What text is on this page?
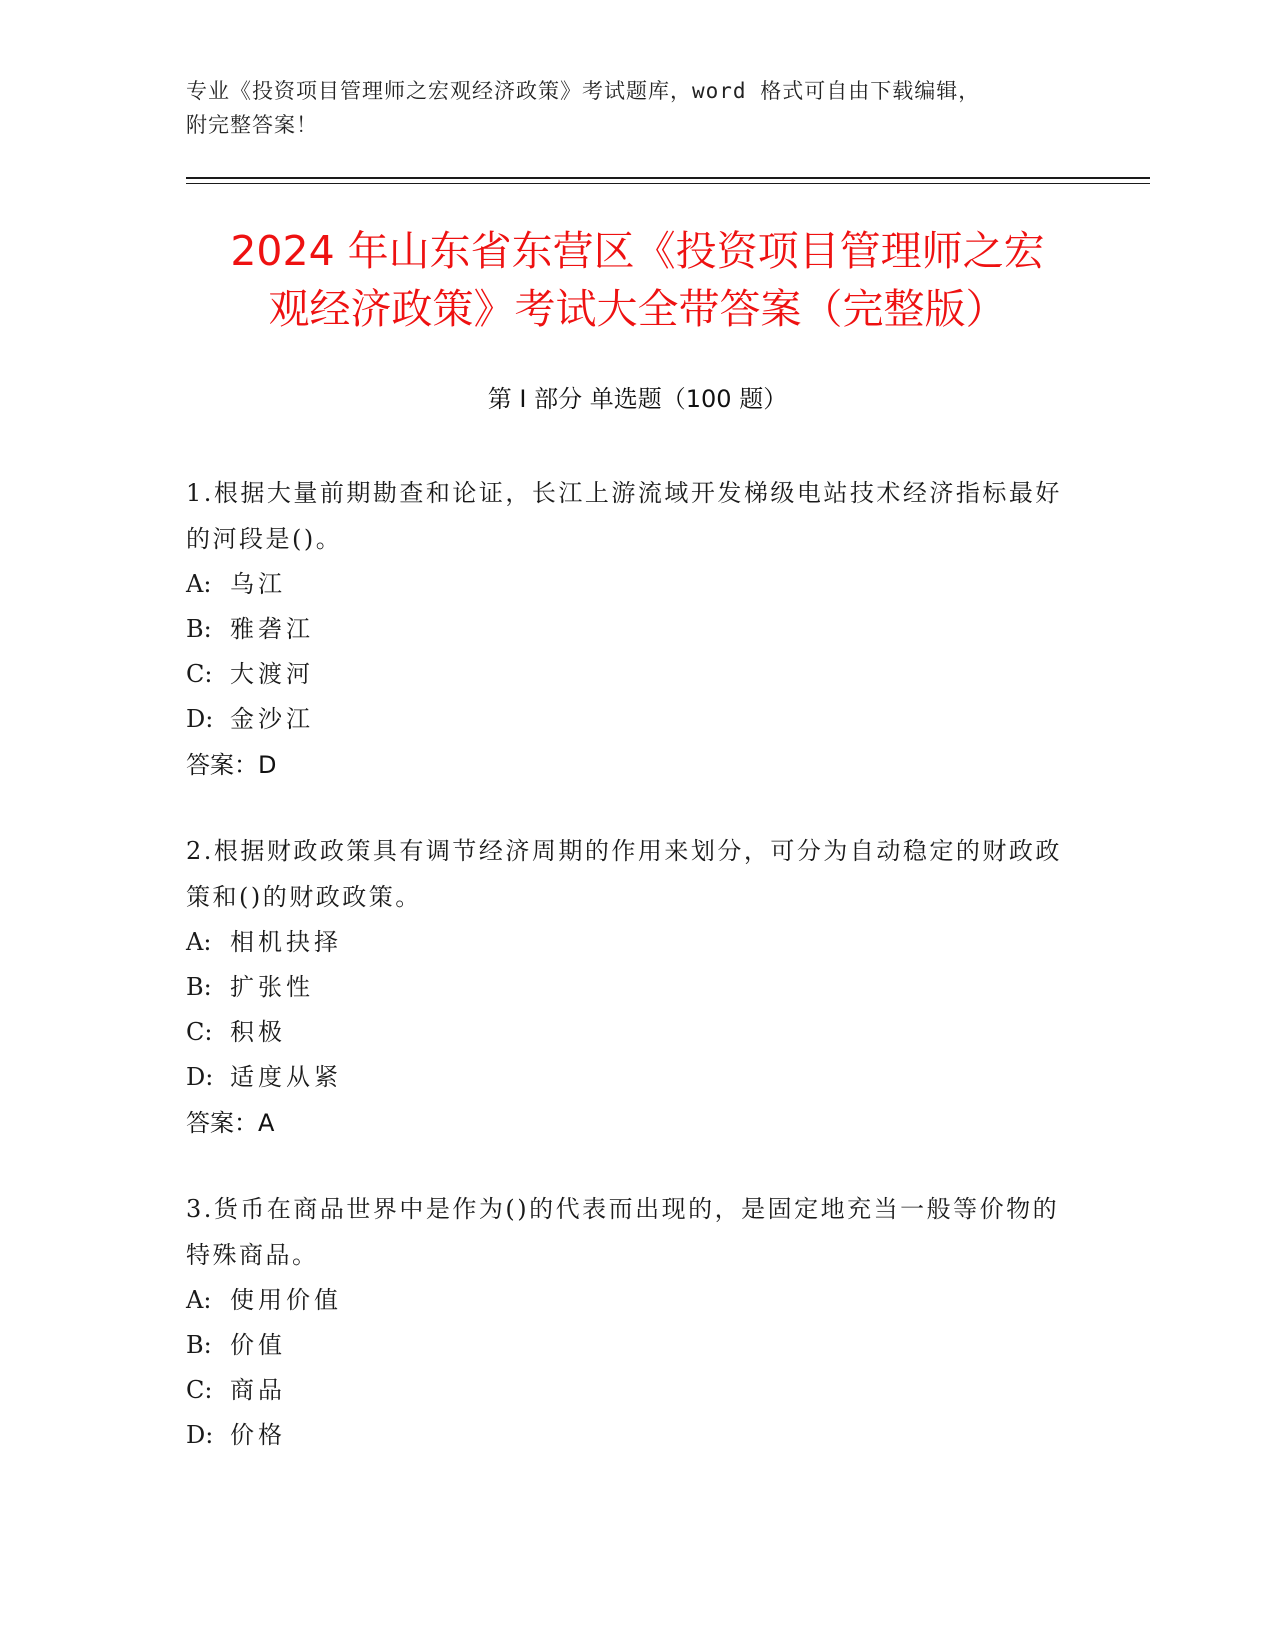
专业《投资项目管理师之宏观经济政策》考试题库，word 格式可自由下载编辑，
附完整答案！
2024 年山东省东营区《投资项目管理师之宏
观经济政策》考试大全带答案（完整版）
第 I 部分 单选题（100 题）
1.根据大量前期勘查和论证，长江上游流域开发梯级电站技术经济指标最好的河段是()。
A: 乌江
B: 雅砻江
C: 大渡河
D: 金沙江
答案：D
2.根据财政政策具有调节经济周期的作用来划分，可分为自动稳定的财政政策和()的财政政策。
A: 相机抉择
B: 扩张性
C: 积极
D: 适度从紧
答案：A
3.货币在商品世界中是作为()的代表而出现的，是固定地充当一般等价物的特殊商品。
A: 使用价值
B: 价值
C: 商品
D: 价格
